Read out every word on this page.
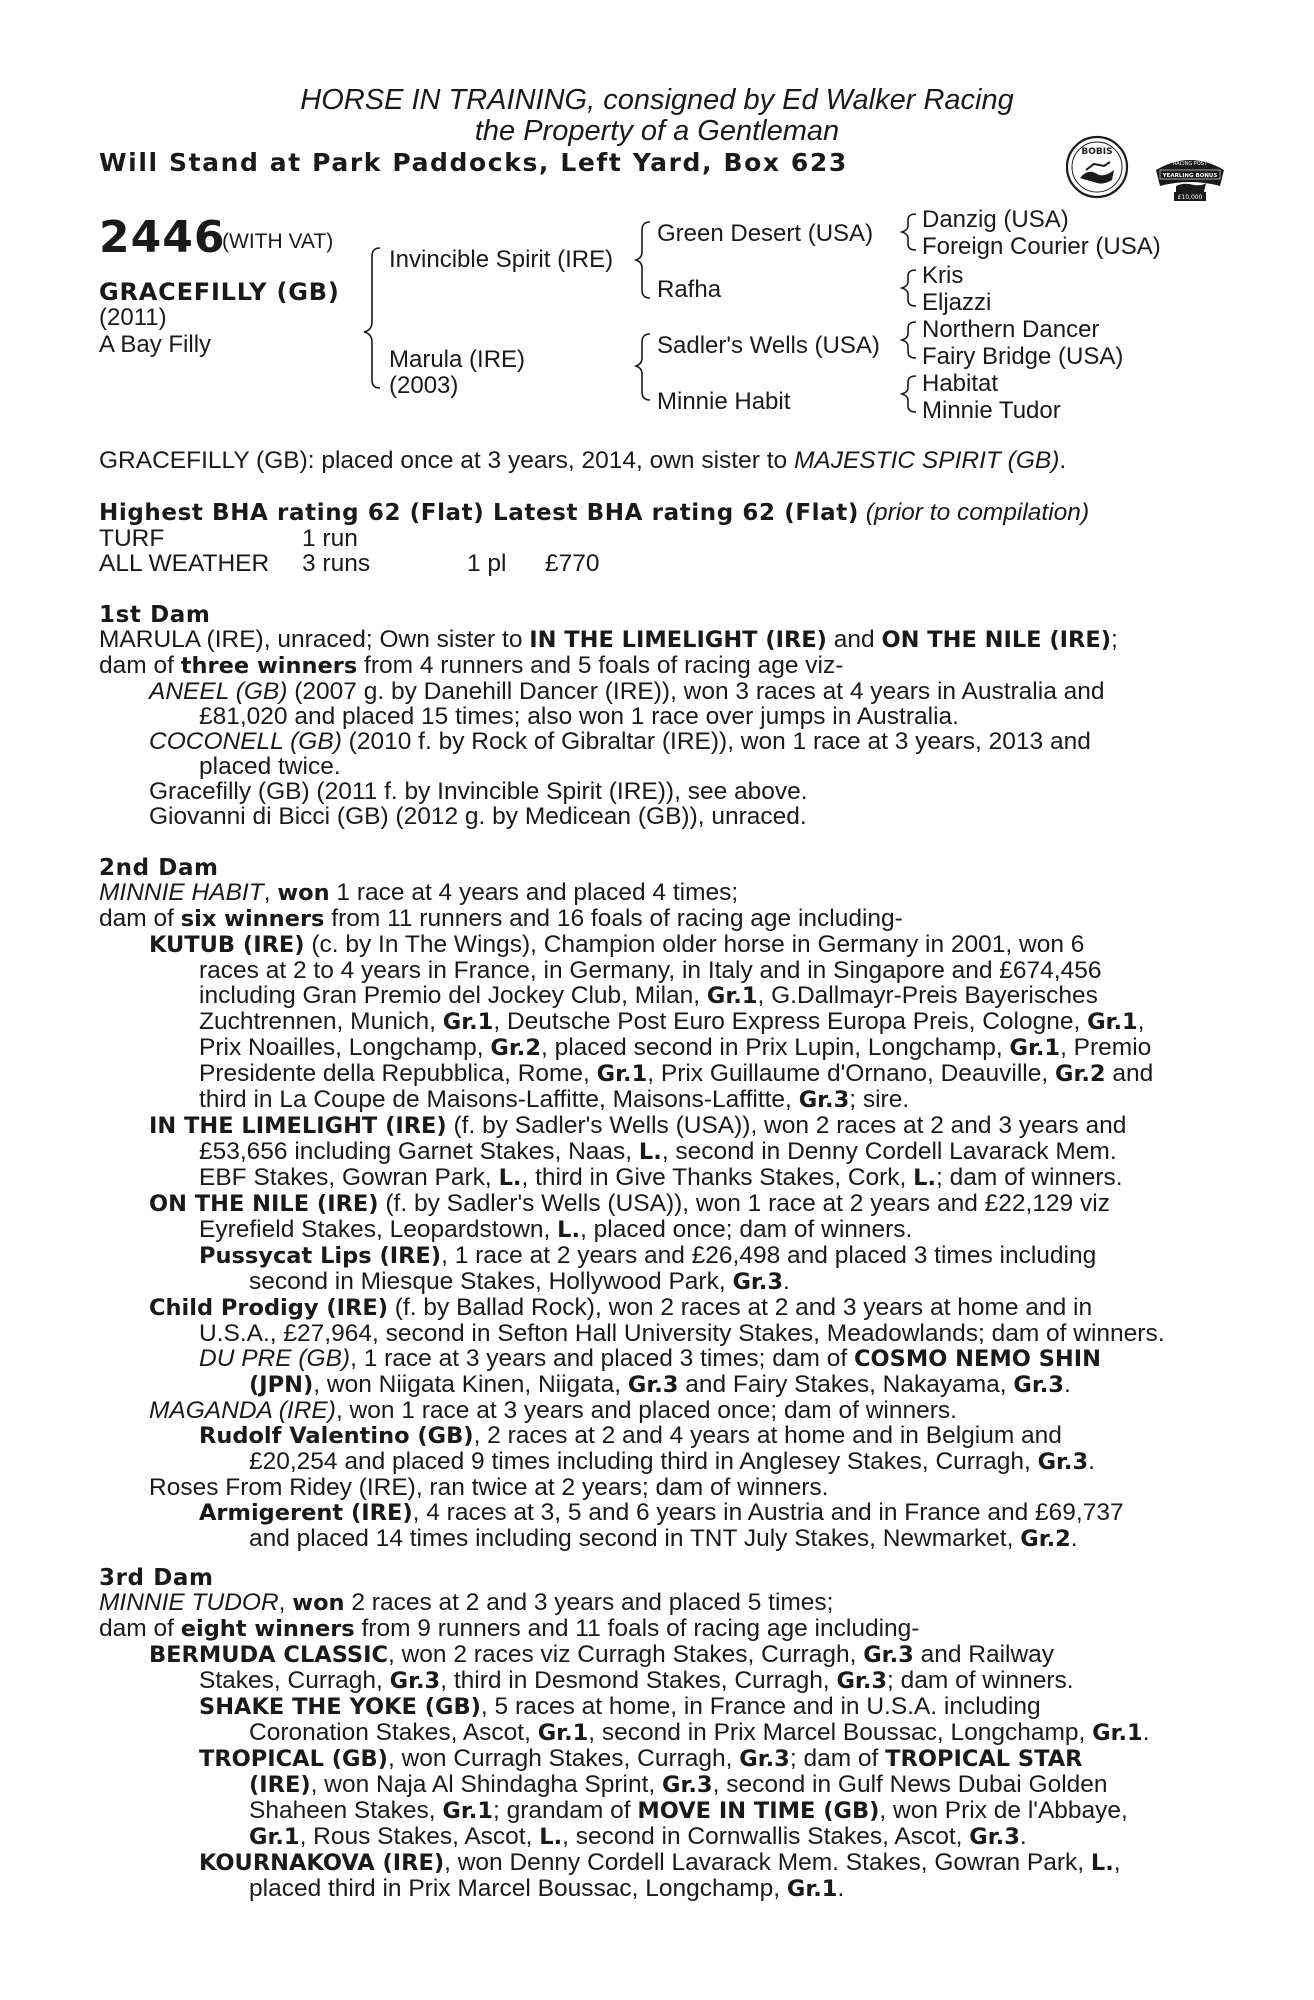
HORSE IN TRAINING, consigned by Ed Walker Racing
the Property of a Gentleman
Will Stand at Park Paddocks, Left Yard, Box 623	BOBIS
RACING POST
YEARLING BONUS
£10,000
2446
(WITH VAT)
GRACEFILLY (GB)
(2011)
A Bay Filly
Invincible Spirit (IRE)
Marula (IRE)
(2003)
Green Desert (USA)
Rafha
Sadler's Wells (USA)
Minnie Habit
Danzig (USA)
Foreign Courier (USA)
Kris
Eljazzi
Northern Dancer
Fairy Bridge (USA)
Habitat
Minnie Tudor
GRACEFILLY (GB): placed once at 3 years, 2014, own sister to MAJESTIC SPIRIT (GB).
Highest BHA rating 62 (Flat) Latest BHA rating 62 (Flat) (prior to compilation)
TURF	1 run
ALL WEATHER 3 runs	1 pl £770
1st Dam
MARULA (IRE), unraced; Own sister to IN THE LIMELIGHT (IRE) and ON THE NILE (IRE);
dam of three winners from 4 runners and 5 foals of racing age viz-
ANEEL (GB) (2007 g. by Danehill Dancer (IRE)), won 3 races at 4 years in Australia and
£81,020 and placed 15 times; also won 1 race over jumps in Australia.
COCONELL (GB) (2010 f. by Rock of Gibraltar (IRE)), won 1 race at 3 years, 2013 and
placed twice.
Gracefilly (GB) (2011 f. by Invincible Spirit (IRE)), see above.
Giovanni di Bicci (GB) (2012 g. by Medicean (GB)), unraced.
2nd Dam
MINNIE HABIT, won 1 race at 4 years and placed 4 times;
dam of six winners from 11 runners and 16 foals of racing age including-
KUTUB (IRE) (c. by In The Wings), Champion older horse in Germany in 2001, won 6
races at 2 to 4 years in France, in Germany, in Italy and in Singapore and £674,456
including Gran Premio del Jockey Club, Milan, Gr.1, G.Dallmayr-Preis Bayerisches
Zuchtrennen, Munich, Gr.1, Deutsche Post Euro Express Europa Preis, Cologne, Gr.1,
Prix Noailles, Longchamp, Gr.2, placed second in Prix Lupin, Longchamp, Gr.1, Premio
Presidente della Repubblica, Rome, Gr.1, Prix Guillaume d'Ornano, Deauville, Gr.2 and
third in La Coupe de Maisons-Laffitte, Maisons-Laffitte, Gr.3; sire.
IN THE LIMELIGHT (IRE) (f. by Sadler's Wells (USA)), won 2 races at 2 and 3 years and
£53,656 including Garnet Stakes, Naas, L., second in Denny Cordell Lavarack Mem.
EBF Stakes, Gowran Park, L., third in Give Thanks Stakes, Cork, L.; dam of winners.
ON THE NILE (IRE) (f. by Sadler's Wells (USA)), won 1 race at 2 years and £22,129 viz
Eyrefield Stakes, Leopardstown, L., placed once; dam of winners.
Pussycat Lips (IRE), 1 race at 2 years and £26,498 and placed 3 times including
second in Miesque Stakes, Hollywood Park, Gr.3.
Child Prodigy (IRE) (f. by Ballad Rock), won 2 races at 2 and 3 years at home and in
U.S.A., £27,964, second in Sefton Hall University Stakes, Meadowlands; dam of winners.
DU PRE (GB), 1 race at 3 years and placed 3 times; dam of COSMO NEMO SHIN
(JPN), won Niigata Kinen, Niigata, Gr.3 and Fairy Stakes, Nakayama, Gr.3.
MAGANDA (IRE), won 1 race at 3 years and placed once; dam of winners.
Rudolf Valentino (GB), 2 races at 2 and 4 years at home and in Belgium and
£20,254 and placed 9 times including third in Anglesey Stakes, Curragh, Gr.3.
Roses From Ridey (IRE), ran twice at 2 years; dam of winners.
Armigerent (IRE), 4 races at 3, 5 and 6 years in Austria and in France and £69,737
and placed 14 times including second in TNT July Stakes, Newmarket, Gr.2.
3rd Dam
MINNIE TUDOR, won 2 races at 2 and 3 years and placed 5 times;
dam of eight winners from 9 runners and 11 foals of racing age including-
BERMUDA CLASSIC, won 2 races viz Curragh Stakes, Curragh, Gr.3 and Railway
Stakes, Curragh, Gr.3, third in Desmond Stakes, Curragh, Gr.3; dam of winners.
SHAKE THE YOKE (GB), 5 races at home, in France and in U.S.A. including
Coronation Stakes, Ascot, Gr.1, second in Prix Marcel Boussac, Longchamp, Gr.1.
TROPICAL (GB), won Curragh Stakes, Curragh, Gr.3; dam of TROPICAL STAR
(IRE), won Naja Al Shindagha Sprint, Gr.3, second in Gulf News Dubai Golden
Shaheen Stakes, Gr.1; grandam of MOVE IN TIME (GB), won Prix de l'Abbaye,
Gr.1, Rous Stakes, Ascot, L., second in Cornwallis Stakes, Ascot, Gr.3.
KOURNAKOVA (IRE), won Denny Cordell Lavarack Mem. Stakes, Gowran Park, L.,
placed third in Prix Marcel Boussac, Longchamp, Gr.1.
